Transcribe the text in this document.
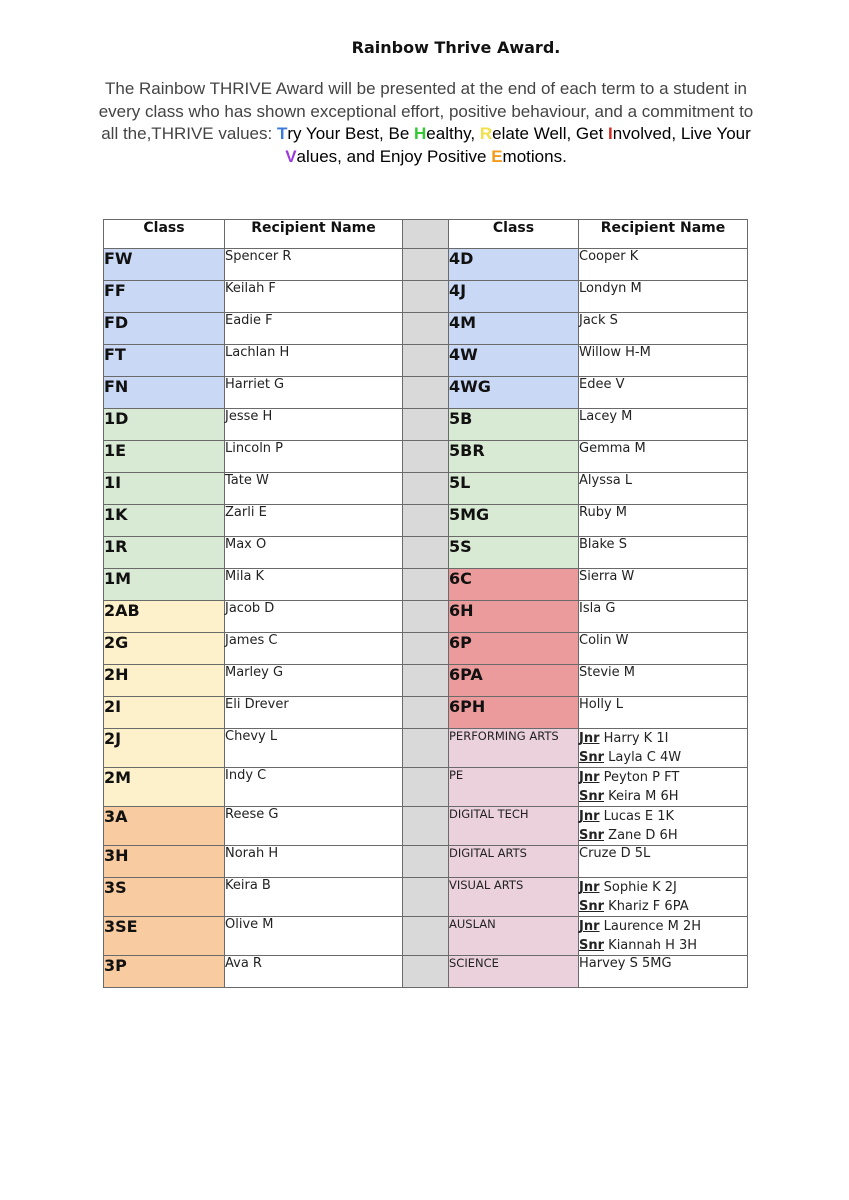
Rainbow Thrive Award.
The Rainbow THRIVE Award will be presented at the end of each term to a student in every class who has shown exceptional effort, positive behaviour, and a commitment to all the,THRIVE values: Try Your Best, Be Healthy, Relate Well, Get Involved, Live Your Values, and Enjoy Positive Emotions.
Class	Recipient Name		Class	Recipient Name
FW	Spencer R		4D	Cooper K
FF	Keilah F		4J	Londyn M
FD	Eadie F		4M	Jack S
FT	Lachlan H		4W	Willow H-M
FN	Harriet G		4WG	Edee V
1D	Jesse H		5B	Lacey M
1E	Lincoln P		5BR	Gemma M
1I	Tate W		5L	Alyssa L
1K	Zarli E		5MG	Ruby M
1R	Max O		5S	Blake S
1M	Mila K		6C	Sierra W
2AB	Jacob D		6H	Isla G
2G	James C		6P	Colin W
2H	Marley G		6PA	Stevie M
2I	Eli Drever		6PH	Holly L
2J	Chevy L		PERFORMING ARTS	Jnr Harry K 1I
Snr Layla C 4W

2M	Indy C		PE	Jnr Peyton P FT
Snr Keira M 6H

3A	Reese G		DIGITAL TECH	Jnr Lucas E 1K
Snr Zane D 6H

3H	Norah H		DIGITAL ARTS	Cruze D 5L
3S	Keira B		VISUAL ARTS	Jnr Sophie K 2J
Snr Khariz F 6PA

3SE	Olive M		AUSLAN	Jnr Laurence M 2H
Snr Kiannah H 3H

3P	Ava R		SCIENCE	Harvey S 5MG
